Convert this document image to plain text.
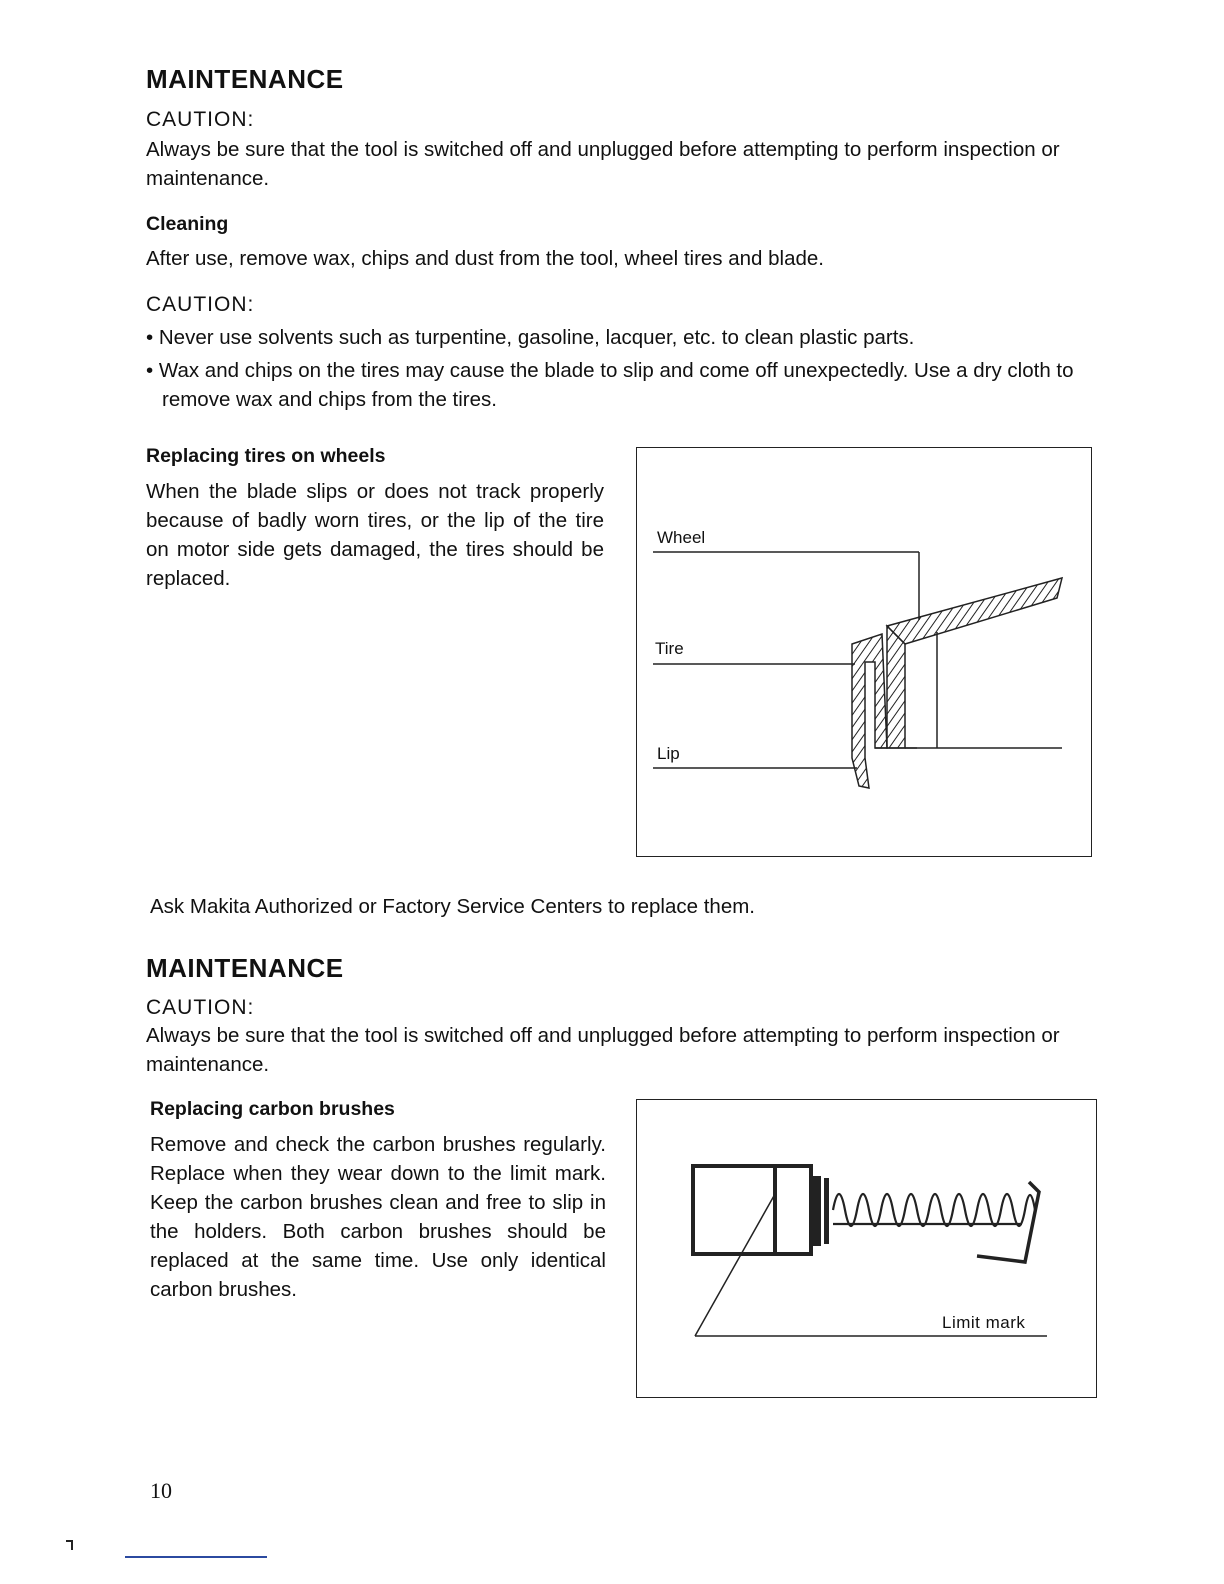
MAINTENANCE
CAUTION:
Always be sure that the tool is switched off and unplugged before attempting to perform inspection or maintenance.
Cleaning
After use, remove wax, chips and dust from the tool, wheel tires and blade.
CAUTION:
• Never use solvents such as turpentine, gasoline, lacquer, etc. to clean plastic parts.
• Wax and chips on the tires may cause the blade to slip and come off unexpectedly. Use a dry cloth to remove wax and chips from the tires.
Replacing tires on wheels
When the blade slips or does not track properly because of badly worn tires, or the lip of the tire on motor side gets damaged, the tires should be replaced.
Wheel
Tire
Lip
Ask Makita Authorized or Factory Service Centers to replace them.
MAINTENANCE
CAUTION:
Always be sure that the tool is switched off and unplugged before attempting to perform inspection or maintenance.
Replacing carbon brushes
Remove and check the carbon brushes regularly. Replace when they wear down to the limit mark. Keep the carbon brushes clean and free to slip in the holders. Both carbon brushes should be replaced at the same time. Use only identical carbon brushes.
Limit mark
10
